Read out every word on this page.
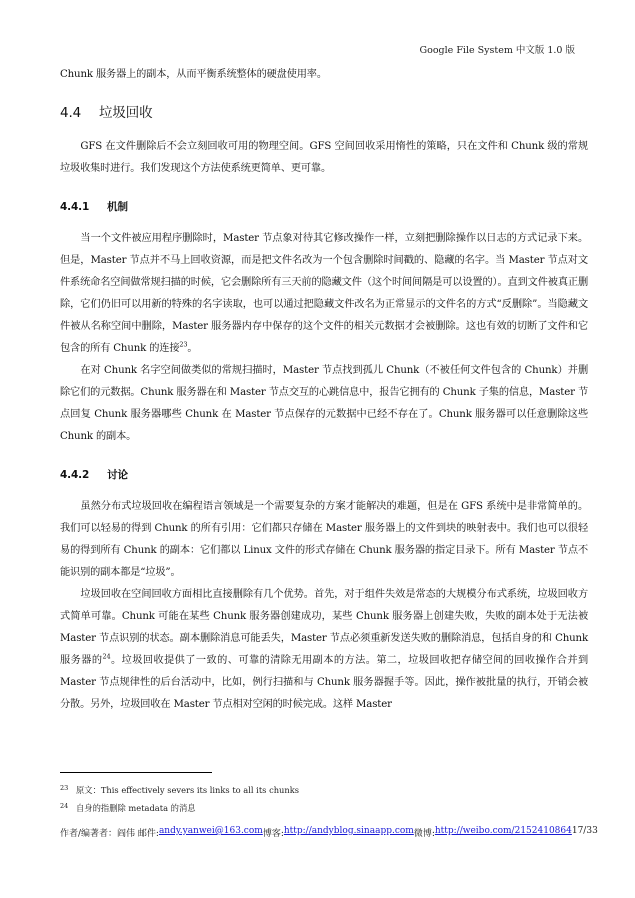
Google File System 中文版 1.0 版

Chunk 服务器上的副本，从而平衡系统整体的硬盘使用率。

4.4 垃圾回收

GFS 在文件删除后不会立刻回收可用的物理空间。GFS 空间回收采用惰性的策略，只在文件和 Chunk 级的常规垃圾收集时进行。我们发现这个方法使系统更简单、更可靠。

4.4.1 机制

当一个文件被应用程序删除时，Master 节点象对待其它修改操作一样，立刻把删除操作以日志的方式记录下来。但是，Master 节点并不马上回收资源，而是把文件名改为一个包含删除时间戳的、隐藏的名字。当 Master 节点对文件系统命名空间做常规扫描的时候，它会删除所有三天前的隐藏文件（这个时间间隔是可以设置的）。直到文件被真正删除，它们仍旧可以用新的特殊的名字读取，也可以通过把隐藏文件改名为正常显示的文件名的方式“反删除”。当隐藏文件被从名称空间中删除，Master 服务器内存中保存的这个文件的相关元数据才会被删除。这也有效的切断了文件和它包含的所有 Chunk 的连接$^{23}$。

在对 Chunk 名字空间做类似的常规扫描时，Master 节点找到孤儿 Chunk（不被任何文件包含的 Chunk）并删除它们的元数据。Chunk 服务器在和 Master 节点交互的心跳信息中，报告它拥有的 Chunk 子集的信息，Master 节点回复 Chunk 服务器哪些 Chunk 在 Master 节点保存的元数据中已经不存在了。Chunk 服务器可以任意删除这些 Chunk 的副本。

4.4.2 讨论

虽然分布式垃圾回收在编程语言领域是一个需要复杂的方案才能解决的难题，但是在 GFS 系统中是非常简单的。我们可以轻易的得到 Chunk 的所有引用：它们都只存储在 Master 服务器上的文件到块的映射表中。我们也可以很轻易的得到所有 Chunk 的副本：它们都以 Linux 文件的形式存储在 Chunk 服务器的指定目录下。所有 Master 节点不能识别的副本都是“垃圾”。

垃圾回收在空间回收方面相比直接删除有几个优势。首先，对于组件失效是常态的大规模分布式系统，垃圾回收方式简单可靠。Chunk 可能在某些 Chunk 服务器创建成功，某些 Chunk 服务器上创建失败，失败的副本处于无法被 Master 节点识别的状态。副本删除消息可能丢失，Master 节点必须重新发送失败的删除消息，包括自身的和 Chunk 服务器的$^{24}$。垃圾回收提供了一致的、可靠的清除无用副本的方法。第二，垃圾回收把存储空间的回收操作合并到 Master 节点规律性的后台活动中，比如，例行扫描和与 Chunk 服务器握手等。因此，操作被批量的执行，开销会被分散。另外，垃圾回收在 Master 节点相对空闲的时候完成。这样 Master

23 原文：This effectively severs its links to all its chunks
24 自身的指删除 metadata 的消息
作者/编著者：阎伟 邮件: andy.yanwei@163.com 博客: http://andyblog.sinaapp.com 微博: http://weibo.com/2152410864 17/33
